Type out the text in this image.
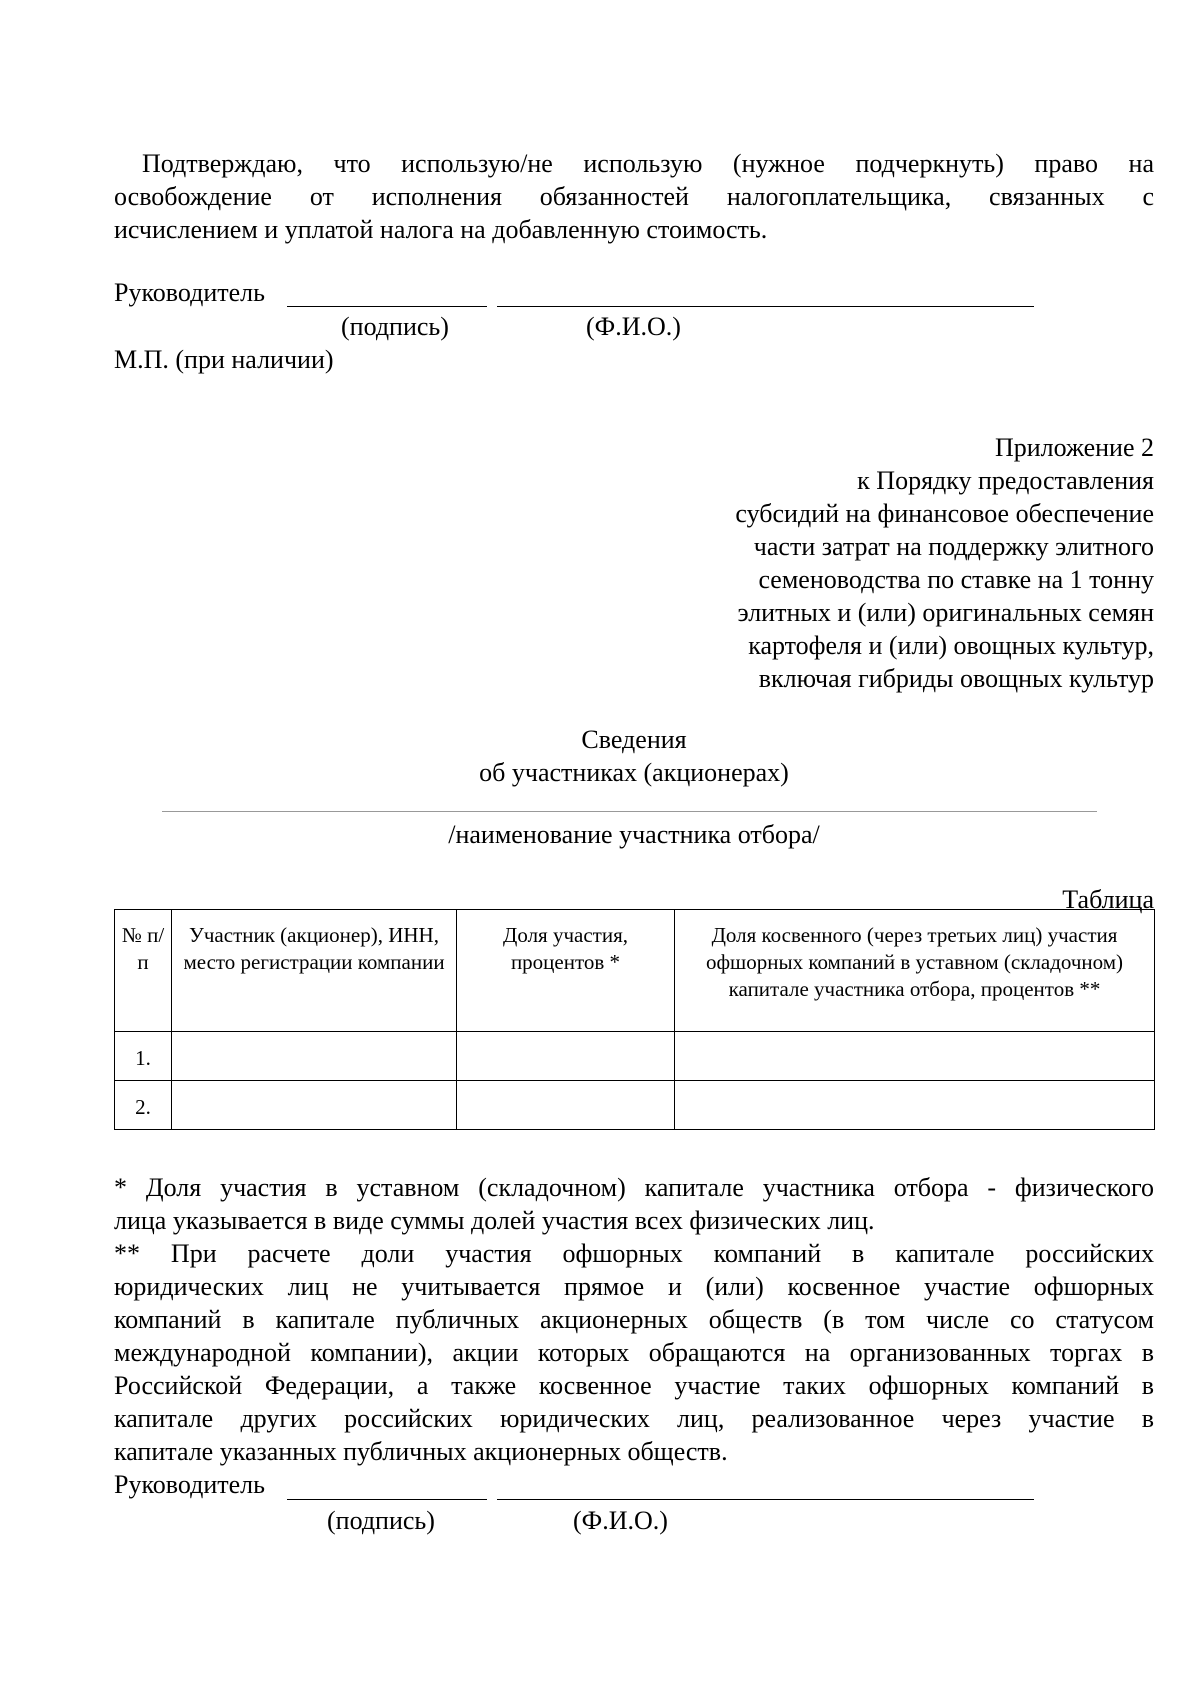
Подтверждаю, что использую/не использую (нужное подчеркнуть) право на
освобождение от исполнения обязанностей налогоплательщика, связанных с
исчислением и уплатой налога на добавленную стоимость.
Руководитель
(подпись)	(Ф.И.О.)
М.П. (при наличии)
Приложение 2
к Порядку предоставления
субсидий на финансовое обеспечение
части затрат на поддержку элитного
семеноводства по ставке на 1 тонну
элитных и (или) оригинальных семян
картофеля и (или) овощных культур,
включая гибриды овощных культур
Сведения
об участниках (акционерах)
/наименование участника отбора/
Таблица
№ п/п	Участник (акционер), ИНН, место регистрации компании	Доля участия, процентов *	Доля косвенного (через третьих лиц) участия офшорных компаний в уставном (складочном) капитале участника отбора, процентов **

1.			
2.			
* Доля участия в уставном (складочном) капитале участника отбора - физического
лица указывается в виде суммы долей участия всех физических лиц.
** При расчете доли участия офшорных компаний в капитале российских
юридических лиц не учитывается прямое и (или) косвенное участие офшорных
компаний в капитале публичных акционерных обществ (в том числе со статусом
международной компании), акции которых обращаются на организованных торгах в
Российской Федерации, а также косвенное участие таких офшорных компаний в
капитале других российских юридических лиц, реализованное через участие в
капитале указанных публичных акционерных обществ.
Руководитель
(подпись)	(Ф.И.О.)
